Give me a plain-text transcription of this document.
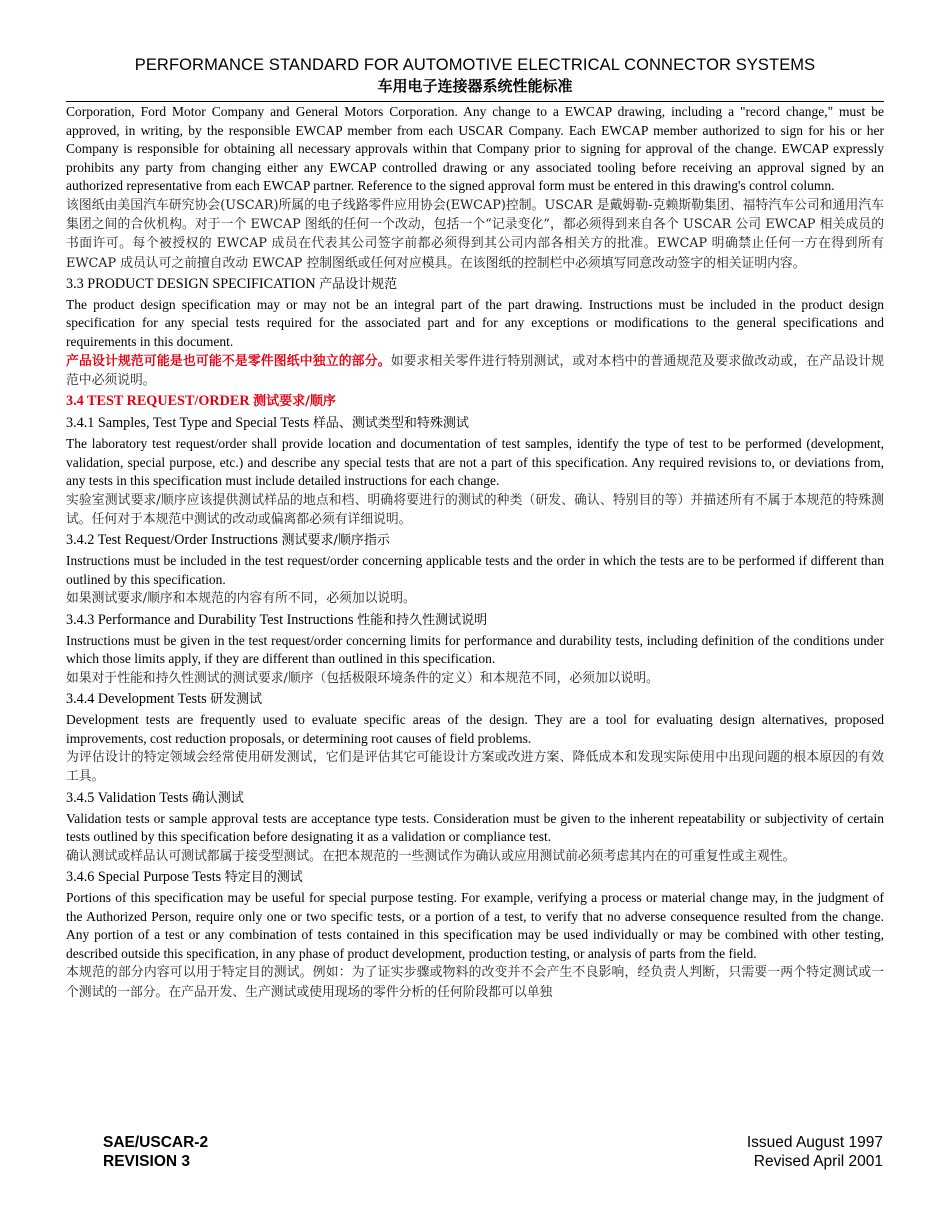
PERFORMANCE STANDARD FOR AUTOMOTIVE ELECTRICAL CONNECTOR SYSTEMS
车用电子连接器系统性能标准

Corporation, Ford Motor Company and General Motors Corporation. Any change to a EWCAP drawing, including a "record change," must be approved, in writing, by the responsible EWCAP member from each USCAR Company. Each EWCAP member authorized to sign for his or her Company is responsible for obtaining all necessary approvals within that Company prior to signing for approval of the change. EWCAP expressly prohibits any party from changing either any EWCAP controlled drawing or any associated tooling before receiving an approval signed by an authorized representative from each EWCAP partner. Reference to the signed approval form must be entered in this drawing's control column.

该图纸由美国汽车研究协会(USCAR)所属的电子线路零件应用协会(EWCAP)控制。USCAR 是戴姆勒-克赖斯勒集团、福特汽车公司和通用汽车集团之间的合伙机构。对于一个 EWCAP 图纸的任何一个改动，包括一个“记录变化”，都必须得到来自各个 USCAR 公司 EWCAP 相关成员的书面许可。每个被授权的 EWCAP 成员在代表其公司签字前都必须得到其公司内部各相关方的批准。EWCAP 明确禁止任何一方在得到所有 EWCAP 成员认可之前擅自改动 EWCAP 控制图纸或任何对应模具。在该图纸的控制栏中必须填写同意改动签字的相关证明内容。

3.3 PRODUCT DESIGN SPECIFICATION 产品设计规范

The product design specification may or may not be an integral part of the part drawing. Instructions must be included in the product design specification for any special tests required for the associated part and for any exceptions or modifications to the general specifications and requirements in this document.

产品设计规范可能是也可能不是零件图纸中独立的部分。如要求相关零件进行特别测试，或对本档中的普通规范及要求做改动或，在产品设计规范中必须说明。

3.4 TEST REQUEST/ORDER 测试要求/顺序
3.4.1 Samples, Test Type and Special Tests 样品、测试类型和特殊测试

The laboratory test request/order shall provide location and documentation of test samples, identify the type of test to be performed (development, validation, special purpose, etc.) and describe any special tests that are not a part of this specification. Any required revisions to, or deviations from, any tests in this specification must include detailed instructions for each change.

实验室测试要求/顺序应该提供测试样品的地点和档、明确将要进行的测试的种类（研发、确认、特别目的等）并描述所有不属于本规范的特殊测试。任何对于本规范中测试的改动或偏离都必须有详细说明。

3.4.2 Test Request/Order Instructions 测试要求/顺序指示

Instructions must be included in the test request/order concerning applicable tests and the order in which the tests are to be performed if different than outlined by this specification.

如果测试要求/顺序和本规范的内容有所不同，必须加以说明。

3.4.3 Performance and Durability Test Instructions 性能和持久性测试说明

Instructions must be given in the test request/order concerning limits for performance and durability tests, including definition of the conditions under which those limits apply, if they are different than outlined in this specification.

如果对于性能和持久性测试的测试要求/顺序（包括极限环境条件的定义）和本规范不同，必须加以说明。

3.4.4 Development Tests 研发测试

Development tests are frequently used to evaluate specific areas of the design. They are a tool for evaluating design alternatives, proposed improvements, cost reduction proposals, or determining root causes of field problems.

为评估设计的特定领域会经常使用研发测试，它们是评估其它可能设计方案或改进方案、降低成本和发现实际使用中出现问题的根本原因的有效工具。

3.4.5 Validation Tests 确认测试

Validation tests or sample approval tests are acceptance type tests. Consideration must be given to the inherent repeatability or subjectivity of certain tests outlined by this specification before designating it as a validation or compliance test.

确认测试或样品认可测试都属于接受型测试。在把本规范的一些测试作为确认或应用测试前必须考虑其内在的可重复性或主观性。

3.4.6 Special Purpose Tests 特定目的测试

Portions of this specification may be useful for special purpose testing. For example, verifying a process or material change may, in the judgment of the Authorized Person, require only one or two specific tests, or a portion of a test, to verify that no adverse consequence resulted from the change. Any portion of a test or any combination of tests contained in this specification may be used individually or may be combined with other testing, described outside this specification, in any phase of product development, production testing, or analysis of parts from the field.

本规范的部分内容可以用于特定目的测试。例如：为了证实步骤或物料的改变并不会产生不良影响，经负责人判断，只需要一两个特定测试或一个测试的一部分。在产品开发、生产测试或使用现场的零件分析的任何阶段都可以单独

SAE/USCAR-2
REVISION 3
Issued August 1997
Revised April 2001
